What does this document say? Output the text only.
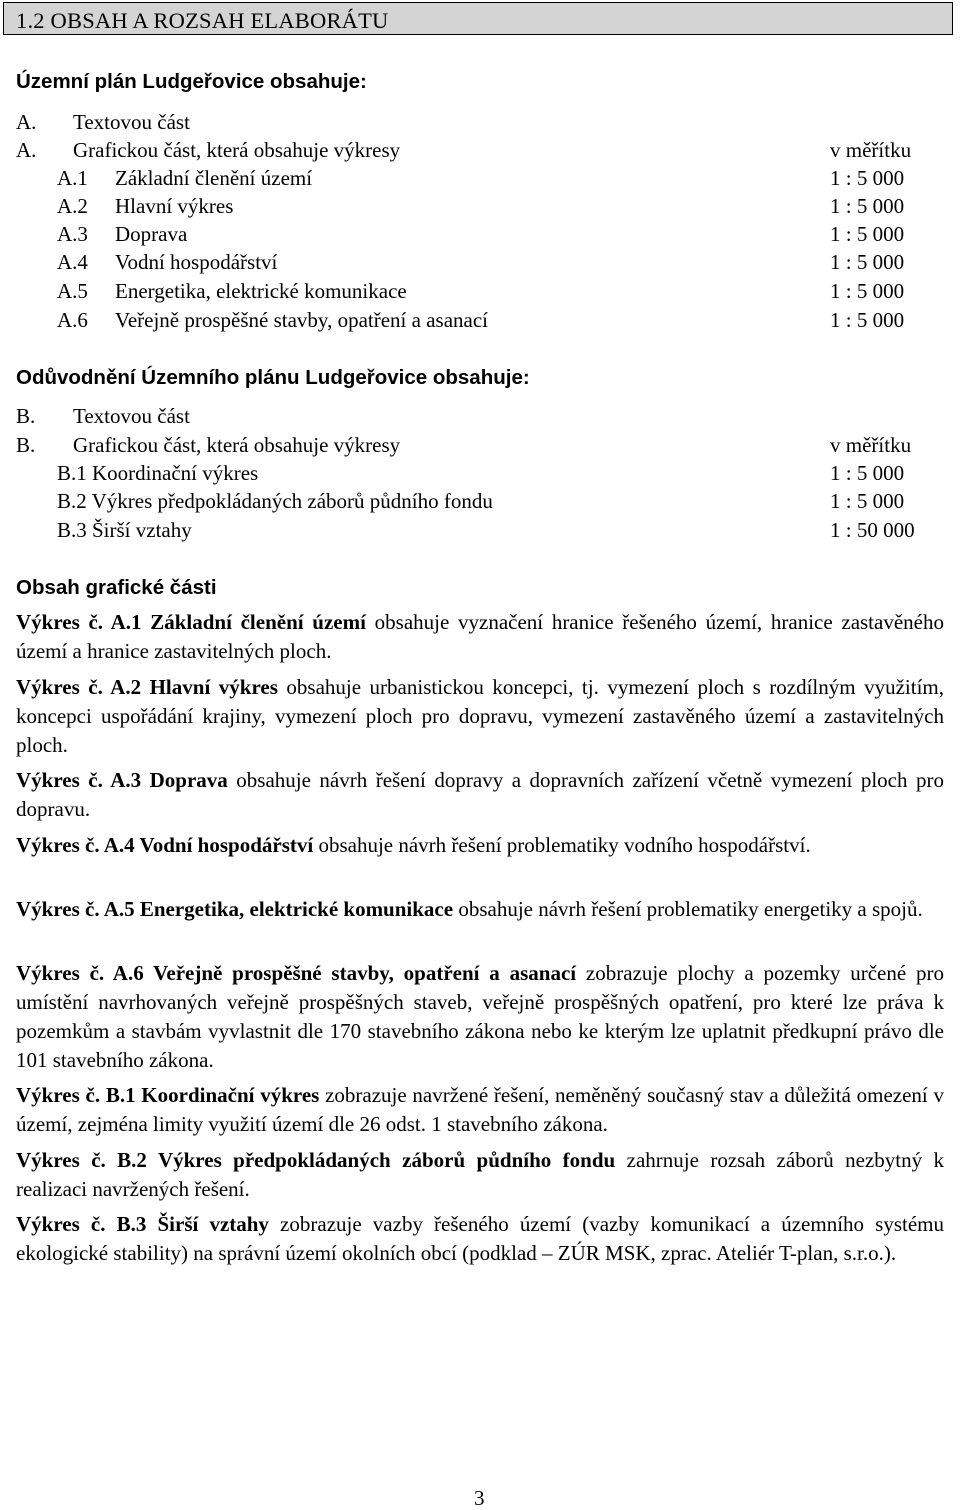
1.2 OBSAH A ROZSAH ELABORÁTU
Územní plán Ludgeřovice obsahuje:
A. Textovou část
A. Grafickou část, která obsahuje výkresy	v měřítku
A.1 Základní členění území	1 : 5 000
A.2 Hlavní výkres	1 : 5 000
A.3 Doprava	1 : 5 000
A.4 Vodní hospodářství	1 : 5 000
A.5 Energetika, elektrické komunikace	1 : 5 000
A.6 Veřejně prospěšné stavby, opatření a asanací	1 : 5 000
Odůvodnění Územního plánu Ludgeřovice obsahuje:
B. Textovou část
B. Grafickou část, která obsahuje výkresy	v měřítku
B.1 Koordinační výkres	1 : 5 000
B.2 Výkres předpokládaných záborů půdního fondu	1 : 5 000
B.3 Širší vztahy	1 : 50 000
Obsah grafické části

Výkres č. A.1 Základní členění území obsahuje vyznačení hranice řešeného území, hranice zastavěného území a hranice zastavitelných ploch.

Výkres č. A.2 Hlavní výkres obsahuje urbanistickou koncepci, tj. vymezení ploch s rozdílným využitím, koncepci uspořádání krajiny, vymezení ploch pro dopravu, vymezení zastavěného území a zastavitelných ploch.

Výkres č. A.3 Doprava obsahuje návrh řešení dopravy a dopravních zařízení včetně vymezení ploch pro dopravu.

Výkres č. A.4 Vodní hospodářství obsahuje návrh řešení problematiky vodního hospodářství.

Výkres č. A.5 Energetika, elektrické komunikace obsahuje návrh řešení problematiky energetiky a spojů.

Výkres č. A.6 Veřejně prospěšné stavby, opatření a asanací zobrazuje plochy a pozemky určené pro umístění navrhovaných veřejně prospěšných staveb, veřejně prospěšných opatření, pro které lze práva k pozemkům a stavbám vyvlastnit dle 170 stavebního zákona nebo ke kterým lze uplatnit předkupní právo dle 101 stavebního zákona.

Výkres č. B.1 Koordinační výkres zobrazuje navržené řešení, neměněný současný stav a důležitá omezení v území, zejména limity využití území dle 26 odst. 1 stavebního zákona.

Výkres č. B.2 Výkres předpokládaných záborů půdního fondu zahrnuje rozsah záborů nezbytný k realizaci navržených řešení.

Výkres č. B.3 Širší vztahy zobrazuje vazby řešeného území (vazby komunikací a územního systému ekologické stability) na správní území okolních obcí (podklad – ZÚR MSK, zprac. Ateliér T-plan, s.r.o.).

3
